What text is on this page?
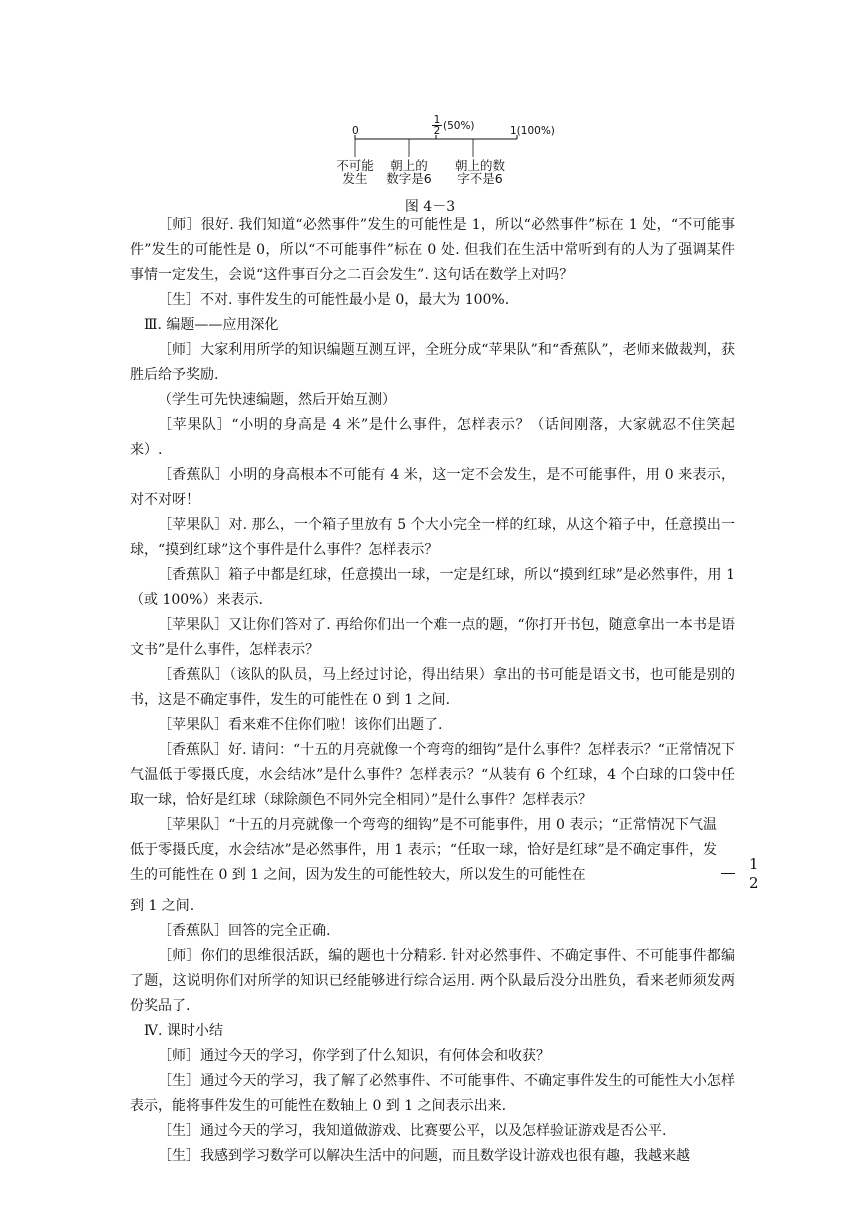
0	$\frac{1}{2} (50\%)$	1(100%)
不可能
发生
朝上的
数字是6
朝上的数
字不是6
图 4－3

［师］很好. 我们知道“必然事件”发生的可能性是 1，所以“必然事件”标在 1 处，“不可能事件”发生的可能性是 0，所以“不可能事件”标在 0 处. 但我们在生活中常听到有的人为了强调某件事情一定发生，会说“这件事百分之二百会发生”. 这句话在数学上对吗？

［生］不对. 事件发生的可能性最小是 0，最大为 100%.

Ⅲ. 编题——应用深化

［师］大家利用所学的知识编题互测互评，全班分成“苹果队”和“香蕉队”，老师来做裁判，获胜后给予奖励.

（学生可先快速编题，然后开始互测）

［苹果队］“小明的身高是 4 米”是什么事件，怎样表示？（话间刚落，大家就忍不住笑起来）.

［香蕉队］小明的身高根本不可能有 4 米，这一定不会发生，是不可能事件，用 0 来表示，对不对呀！

［苹果队］对. 那么，一个箱子里放有 5 个大小完全一样的红球，从这个箱子中，任意摸出一球，“摸到红球”这个事件是什么事件？怎样表示？

［香蕉队］箱子中都是红球，任意摸出一球，一定是红球，所以“摸到红球”是必然事件，用 1（或 100%）来表示.

［苹果队］又让你们答对了. 再给你们出一个难一点的题，“你打开书包，随意拿出一本书是语文书”是什么事件，怎样表示？

［香蕉队］（该队的队员，马上经过讨论，得出结果）拿出的书可能是语文书，也可能是别的书，这是不确定事件，发生的可能性在 0 到 1 之间.

［苹果队］看来难不住你们啦！该你们出题了.

［香蕉队］好. 请问：“十五的月亮就像一个弯弯的细钩”是什么事件？怎样表示？“正常情况下气温低于零摄氏度，水会结冰”是什么事件？怎样表示？“从装有 6 个红球，4 个白球的口袋中任取一球，恰好是红球（球除颜色不同外完全相同）”是什么事件？怎样表示？

［苹果队］“十五的月亮就像一个弯弯的细钩”是不可能事件，用 0 表示；“正常情况下气温低于零摄氏度，水会结冰”是必然事件，用 1 表示；“任取一球，恰好是红球”是不确定事件，发生的可能性在 0 到 1 之间，因为发生的可能性较大，所以发生的可能性在	$\frac{1}{2}$

到 1 之间.

［香蕉队］回答的完全正确.

［师］你们的思维很活跃，编的题也十分精彩. 针对必然事件、不确定事件、不可能事件都编了题，这说明你们对所学的知识已经能够进行综合运用. 两个队最后没分出胜负，看来老师须发两份奖品了.

Ⅳ. 课时小结

［师］通过今天的学习，你学到了什么知识，有何体会和收获？

［生］通过今天的学习，我了解了必然事件、不可能事件、不确定事件发生的可能性大小怎样表示，能将事件发生的可能性在数轴上 0 到 1 之间表示出来.

［生］通过今天的学习，我知道做游戏、比赛要公平，以及怎样验证游戏是否公平.

［生］我感到学习数学可以解决生活中的问题，而且数学设计游戏也很有趣，我越来越
